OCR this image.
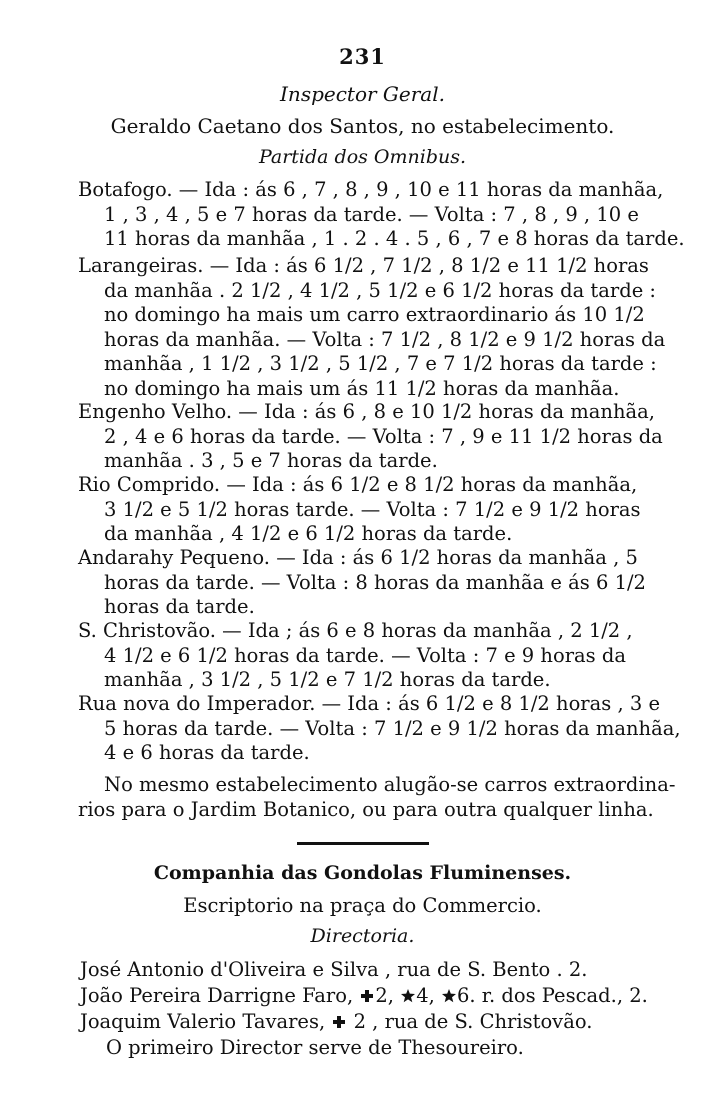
231
Inspector Geral.
Geraldo Caetano dos Santos, no estabelecimento.
Partida dos Omnibus.
Botafogo. — Ida : ás 6 , 7 , 8 , 9 , 10 e 11 horas da manhãa,
1 , 3 , 4 , 5 e 7 horas da tarde. — Volta : 7 , 8 , 9 , 10 e
11 horas da manhãa , 1 . 2 . 4 . 5 , 6 , 7 e 8 horas da tarde.
Larangeiras. — Ida : ás 6 1/2 , 7 1/2 , 8 1/2 e 11 1/2 horas
da manhãa . 2 1/2 , 4 1/2 , 5 1/2 e 6 1/2 horas da tarde :
no domingo ha mais um carro extraordinario ás 10 1/2
horas da manhãa. — Volta : 7 1/2 , 8 1/2 e 9 1/2 horas da
manhãa , 1 1/2 , 3 1/2 , 5 1/2 , 7 e 7 1/2 horas da tarde :
no domingo ha mais um ás 11 1/2 horas da manhãa.
Engenho Velho. — Ida : ás 6 , 8 e 10 1/2 horas da manhãa,
2 , 4 e 6 horas da tarde. — Volta : 7 , 9 e 11 1/2 horas da
manhãa . 3 , 5 e 7 horas da tarde.
Rio Comprido. — Ida : ás 6 1/2 e 8 1/2 horas da manhãa,
3 1/2 e 5 1/2 horas tarde. — Volta : 7 1/2 e 9 1/2 horas
da manhãa , 4 1/2 e 6 1/2 horas da tarde.
Andarahy Pequeno. — Ida : ás 6 1/2 horas da manhãa , 5
horas da tarde. — Volta : 8 horas da manhãa e ás 6 1/2
horas da tarde.
S. Christovão. — Ida ; ás 6 e 8 horas da manhãa , 2 1/2 ,
4 1/2 e 6 1/2 horas da tarde. — Volta : 7 e 9 horas da
manhãa , 3 1/2 , 5 1/2 e 7 1/2 horas da tarde.
Rua nova do Imperador. — Ida : ás 6 1/2 e 8 1/2 horas , 3 e
5 horas da tarde. — Volta : 7 1/2 e 9 1/2 horas da manhãa,
4 e 6 horas da tarde.
No mesmo estabelecimento alugão-se carros extraordina-
rios para o Jardim Botanico, ou para outra qualquer linha.
Companhia das Gondolas Fluminenses.
Escriptorio na praça do Commercio.
Directoria.
José Antonio d'Oliveira e Silva , rua de S. Bento . 2.
João Pereira Darrigne Faro, 2, 4, 6. r. dos Pescad., 2.
Joaquim Valerio Tavares, 2 , rua de S. Christovão.
O primeiro Director serve de Thesoureiro.
